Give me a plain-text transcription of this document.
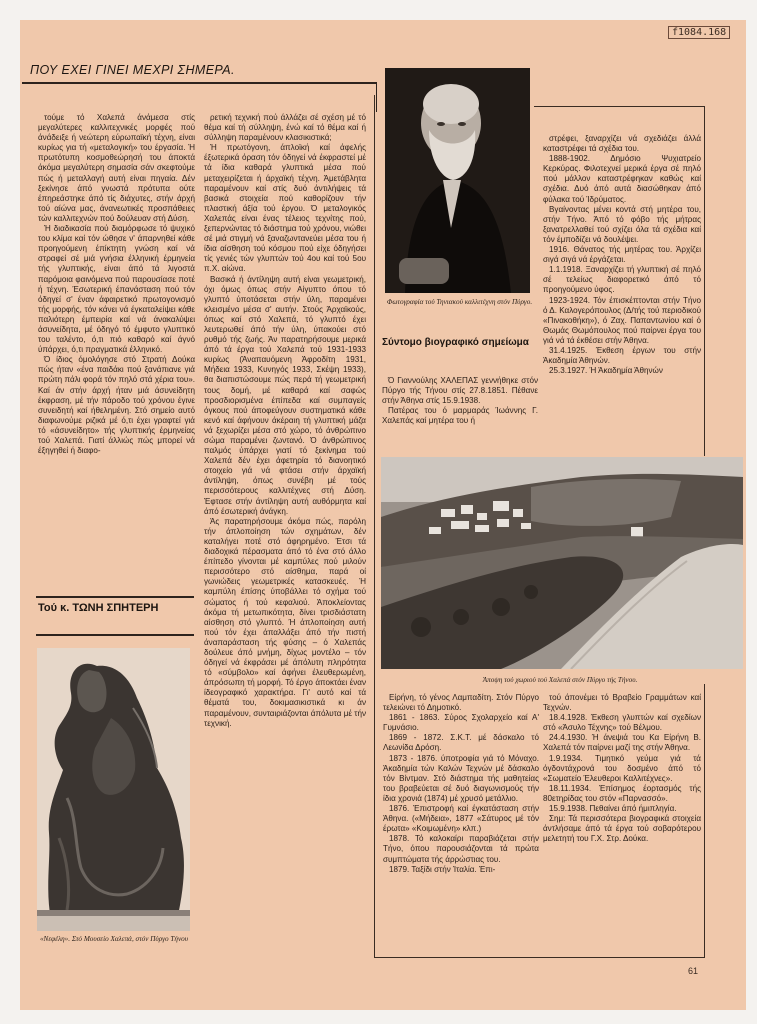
f1084.168
ΠΟΥ ΕΧΕΙ ΓΙΝΕΙ ΜΕΧΡΙ ΣΗΜΕΡΑ.

τούμε τό Χαλεπά άνάμεσα στίς μεγαλύτερες καλλιτεχνικές μορφές πού άνάδειξε ή νεώτερη εύρωπαϊκή τέχνη, είναι κυρίως για τή «μεταλογική» του έργασία. Ή πρωτότυπη κοσμοθεώρησή του άποκτά άκόμα μεγαλύτερη σημασία σάν σκεφτούμε πώς ή μεταλλαγή αυτή είναι πηγαία. Δέν ξεκίνησε άπό γνωστά πρότυπα ούτε έπηρεάστηκε άπό τίς διάχυτες, στήν άρχή τού αίώνα μας, άνανεωτικές προσπάθειες τών καλλιτεχνών πού δούλευαν στή Δύση.

Ή διαδικασία πού διαμόρφωσε τό ψυχικό του κλίμα καί τόν ώθησε ν' άπαρνηθεί κάθε προηγούμενη έπίκτητη γνώση καί νά στραφεί σέ μιά γνήσια έλληνική έρμηνεία τής γλυπτικής, είναι άπό τά λιγοστά παρόμοια φαινόμενα πού παρουσίασε ποτέ ή τέχνη. Έσωτερική έπανάσταση πού τόν όδηγεί σ' έναν άφαιρετικό πρωτογονισμό τής μορφής, τόν κάνει νά έγκαταλείψει κάθε παλιότερη έμπειρία καί νά άνακαλύψει άσυνείδητα, μέ όδηγό τό έμφυτο γλυπτικό του ταλέντο, ό,τι πιό καθαρό καί άγνό ύπάρχει, ό,τι πραγματικά έλληνικό.

Ό ίδιος όμολόγησε στό Στρατή Δούκα πώς ήταν «ένα παιδάκι πού ξανάπιανε γιά πρώτη πάλι φορά τόν πηλό στά χέρια του». Καί άν στήν άρχή ήταν μιά άσυνείδητη έκφραση, μέ τήν πάροδο τού χρόνου έγινε συνειδητή καί ήθελημένη. Στό σημείο αυτό διαφωνούμε ριζικά μέ ό,τι έχει γραφτεί γιά τό «άσυνείδητο» τής γλυπτικής έρμηνείας τού Χαλεπά. Γιατί άλλιώς πώς μπορεί νά έξηγηθεί ή διαφο-

Τού κ. ΤΩΝΗ ΣΠΗΤΕΡΗ
«Νεφέλη». Στό Μουσείο Χαλεπά, στόν Πύργο Τήνου

ρετική τεχνική πού άλλάζει σέ σχέση μέ τό θέμα καί τή σύλληψη, ένώ καί τό θέμα καί ή σύλληψη παραμένουν κλασικιστικά;

Ή πρωτόγονη, άπλοϊκή καί άφελής έξωτερικά όραση τόν όδηγεί νά έκφραστεί μέ τά ίδια καθαρά γλυπτικά μέσα πού μεταχειρίζεται ή άρχαϊκή τέχνη. Άμετάβλητα παραμένουν καί στίς δυό άντιλήψεις τά βασικά στοιχεία πού καθορίζουν τήν πλαστική άξία τού έργου. Ό μεταλογικός Χαλεπάς είναι ένας τέλειος τεχνίτης πού, ξεπερνώντας τό διάστημα τού χρόνου, νιώθει σέ μιά στιγμή νά ξαναζωντανεύει μέσα του ή ίδια αίσθηση τού κόσμου πού είχε όδηγήσει τίς γενιές τών γλυπτών τού 4ου καί τού 5ου π.Χ. αίώνα.

Βασικά ή άντίληψη αυτή είναι γεωμετρική, όχι όμως όπως στήν Αίγυπτο όπου τό γλυπτό ύποτάσεται στήν ύλη, παραμένει κλεισμένο μέσα σ' αυτήν. Στούς Άρχαϊκούς, όπως καί στό Χαλεπά, τό γλυπτό έχει λευτερωθεί άπό τήν ύλη, ύπακούει στό ρυθμό τής ζωής. Άν παρατηρήσουμε μερικά άπό τά έργα τού Χαλεπά τού 1931-1933 κυρίως (Άναπαυόμενη Άφροδίτη 1931, Μήδεια 1933, Κυνηγός 1933, Σκέψη 1933), θα διαπιστώσουμε πώς περά τή γεωμετρική τους δομή, μέ καθαρά καί σαφώς προσδιορισμένα έπίπεδα καί συμπαγείς όγκους πού άποφεύγουν συστηματικά κάθε κενό καί άφήνουν άκέραιη τή γλυπτική μάζα νά ξεχωρίζει μέσα στό χώρο, τό άνθρώπινο σώμα παραμένει ζωντανό. Ό άνθρώπινος παλμός ύπάρχει γιατί τό ξεκίνημα τού Χαλεπά δέν έχει άφετηρία τό διανοητικό στοιχείο γιά νά φτάσει στήν άρχαϊκή άντίληψη, όπως συνέβη μέ τούς περισσότερους καλλιτέχνες στή Δύση. Έφτασε στήν άντίληψη αυτή αυθόρμητα καί άπό έσωτερική άνάγκη.

Άς παρατηρήσουμε άκόμα πώς, παρόλη τήν άπλοποίηση τών σχημάτων, δέν καταλήγει ποτέ στό άφηρημένο. Έτσι τά διαδοχικά πέρασματα άπό τό ένα στό άλλο έπίπεδο γίνονται μέ καμπύλες πού μιλούν περισσότερο στό αίσθημα, παρά οί γωνιώδεις γεωμετρικές κατασκευές. Ή καμπύλη έπίσης ύποβάλλει τό σχήμα τού σώματος ή τού κεφαλιού. Άποκλείοντας άκόμα τή μετωπικότητα, δίνει τρισδιάστατη αίσθηση στό γλυπτό. Ή άπλοποίηση αυτή πού τόν έχει άπαλλάξει άπό τήν πιστή άναπαράσταση τής φύσης – ό Χαλεπάς δούλευε άπό μνήμη, δίχως μοντέλο – τόν όδηγεί νά έκφράσει μέ άπόλυτη πληρότητα τό «σύμβολο» καί άφήνει έλευθερωμένη, άπρόσωπη τή μορφή. Τό έργο άποκτάει έναν ίδεογραφικό χαρακτήρα. Γι' αυτό καί τά θέματά του, δοκιμασικιστικά κι άν παραμένουν, συνταιριάζονται άπόλυτα μέ τήν τεχνική.

Φωτογραφία τού Τηνιακού καλλιτέχνη στόν Πύργο.
Σύντομο βιογραφικό σημείωμα

Ό Γιαννούλης ΧΑΛΕΠΑΣ γεννήθηκε στόν Πύργο τής Τήνου στίς 27.8.1851. Πέθανε στήν Άθηνα στίς 15.9.1938.

Πατέρας του ό μαρμαράς Ίωάννης Γ. Χαλεπάς καί μητέρα του ή

στρέφει, ξαναρχίζει νά σχεδιάζει άλλά καταστρέφει τά σχέδια του.

1888-1902. Δημόσιο Ψυχιατρείο Κερκύρας. Φιλοτεχνεί μερικά έργα σέ πηλό πού μάλλον καταστρέφηκαν καθώς καί σχέδια. Δυό άπό αυτά διασώθηκαν άπό φύλακα τού Ίδρύματος.

Βγαίνοντας μένει κοντά στή μητέρα του, στήν Τήνο. Άπό τό φόβο τής μήτρας ξανατρελλαθεί τού σχίζει όλα τά σχέδια καί τόν έμποδίζει νά δουλέψει.

1916. Θάνατος τής μητέρας του. Άρχίζει σιγά σιγά νά έργάζεται.

1.1.1918. Ξαναρχίζει τή γλυπτική σέ πηλό σέ τελείως διαφορετικό άπό τό προηγούμενο ύφος.

1923-1924. Τόν έπισκέπτονται στήν Τήνο ό Δ. Καλογερόπουλος (Δ/τής τού περιοδικού «Πινακοθήκη»), ό Ζαχ. Παπαντωνίου καί ό Θωμάς Θωμόπουλος πού παίρνει έργα του γιά νά τά έκθέσει στήν Άθηνα.

31.4.1925. Έκθεση έργων του στήν Άκαδημία Άθηνών.

25.3.1927. Ή Άκαδημία Άθηνών

Άποψη τού χωριού τού Χαλεπά στόν Πύργο τής Τήνου.

Είρήνη, τό γένος Λαμπαδίτη. Στόν Πύργο τελειώνει τό Δημοτικό.

1861 - 1863. Σύρος Σχολαρχείο καί Α' Γυμνάσιο.

1869 - 1872. Σ.Κ.Τ. μέ δάσκαλο τό Λεωνίδα Δρόση.

1873 - 1876. ύποτροφία γιά τό Μόναχο. Άκαδημία τών Καλών Τεχνών μέ δάσκαλο τόν Βίντμαν. Στό διάστημα τής μαθητείας του βραβεύεται σέ δυό διαγωνισμούς τήν ίδια χρονιά (1874) μέ χρυσό μετάλλιο.

1876. Έπιστροφή καί έγκατάσταση στήν Άθηνα. («Μήδεια», 1877 «Σάτυρος μέ τόν έρωτα» «Κοιμωμένη» κλπ.)

1878. Τό καλοκαίρι παραβιάζεται στήν Τήνο, όπου παρουσιάζονται τά πρώτα συμπτώματα τής άρρώστιας του.

1879. Ταξίδι στήν Ίταλία. Έπι-

τού άπονέμει τό Βραβείο Γραμμάτων καί Τεχνών.

18.4.1928. Έκθεση γλυπτών καί σχεδίων στό «Άσυλο Τέχνης» τού Βέλμου.

24.4.1930. Ή άνεψιά του Κα Είρήνη Β. Χαλεπά τόν παίρνει μαζί της στήν Άθηνα.

1.9.1934. Τιμητικό γεύμα γιά τά όγδοντάχρονά του δοσμένο άπό τό «Σωματείο Έλευθεροι Καλλιτέχνες».

18.11.1934. Έπίσημος έορτασμός τής 80ετηρίδας του στόν «Παρνασσό».

15.9.1938. Πεθαίνει άπό ήμιπληγία.

Σημ: Τά περισσότερα βιογραφικά στοιχεία άντλήσαμε άπό τά έργα τού σοβαρότερου μελετητή του Γ.Χ. Στρ. Δούκα.

61
